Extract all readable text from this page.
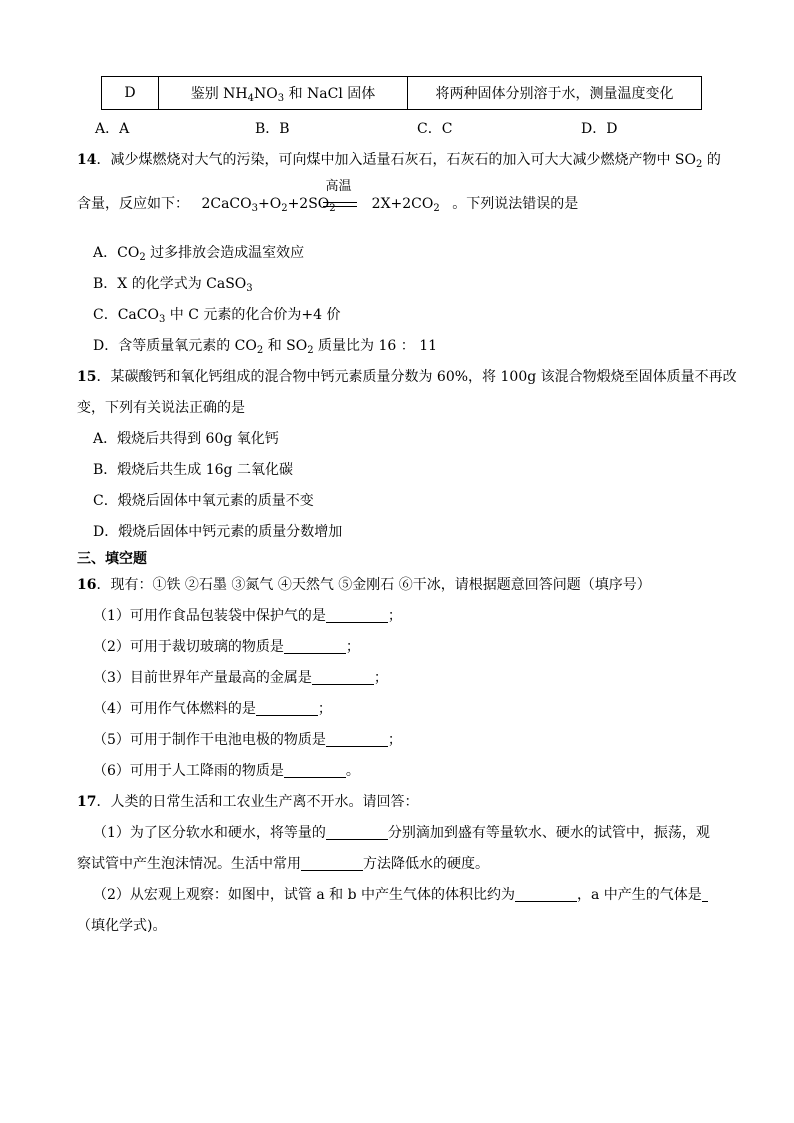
D	鉴别 $NH_4NO_3$ 和 NaCl 固体	将两种固体分别溶于水，测量温度变化
A．A	B．B	C．C	D．D
14．减少煤燃烧对大气的污染，可向煤中加入适量石灰石，石灰石的加入可大大减少燃烧产物中 $SO_2$ 的
含量，反应如下： $2CaCO_3+O_2+2SO_2$	$2X+2CO_2$
高温
。下列说法错误的是
A．$CO_2$ 过多排放会造成温室效应
B．X 的化学式为 CaSO$_3$
C．CaCO$_3$ 中 C 元素的化合价为+4 价
D．含等质量氧元素的 $CO_2$ 和 $SO_2$ 质量比为 16 ： 11
15．某碳酸钙和氧化钙组成的混合物中钙元素质量分数为 60%，将 100g 该混合物煅烧至固体质量不再改
变，下列有关说法正确的是
A．煅烧后共得到 60g 氧化钙
B．煅烧后共生成 16g 二氧化碳
C．煅烧后固体中氧元素的质量不变
D．煅烧后固体中钙元素的质量分数增加
三、填空题
16．现有：①铁 ②石墨 ③氮气 ④天然气 ⑤金刚石 ⑥干冰，请根据题意回答问题（填序号）
（1）可用作食品包装袋中保护气的是	；
（2）可用于裁切玻璃的物质是	；
（3）目前世界年产量最高的金属是	；
（4）可用作气体燃料的是	；
（5）可用于制作干电池电极的物质是	；
（6）可用于人工降雨的物质是	。
17．人类的日常生活和工农业生产离不开水。请回答：
（1）为了区分软水和硬水，将等量的	分别滴加到盛有等量软水、硬水的试管中，振荡，观
察试管中产生泡沫情况。生活中常用	方法降低水的硬度。
（2）从宏观上观察：如图中，试管 a 和 b 中产生气体的体积比约为	，a 中产生的气体是
（填化学式)。
